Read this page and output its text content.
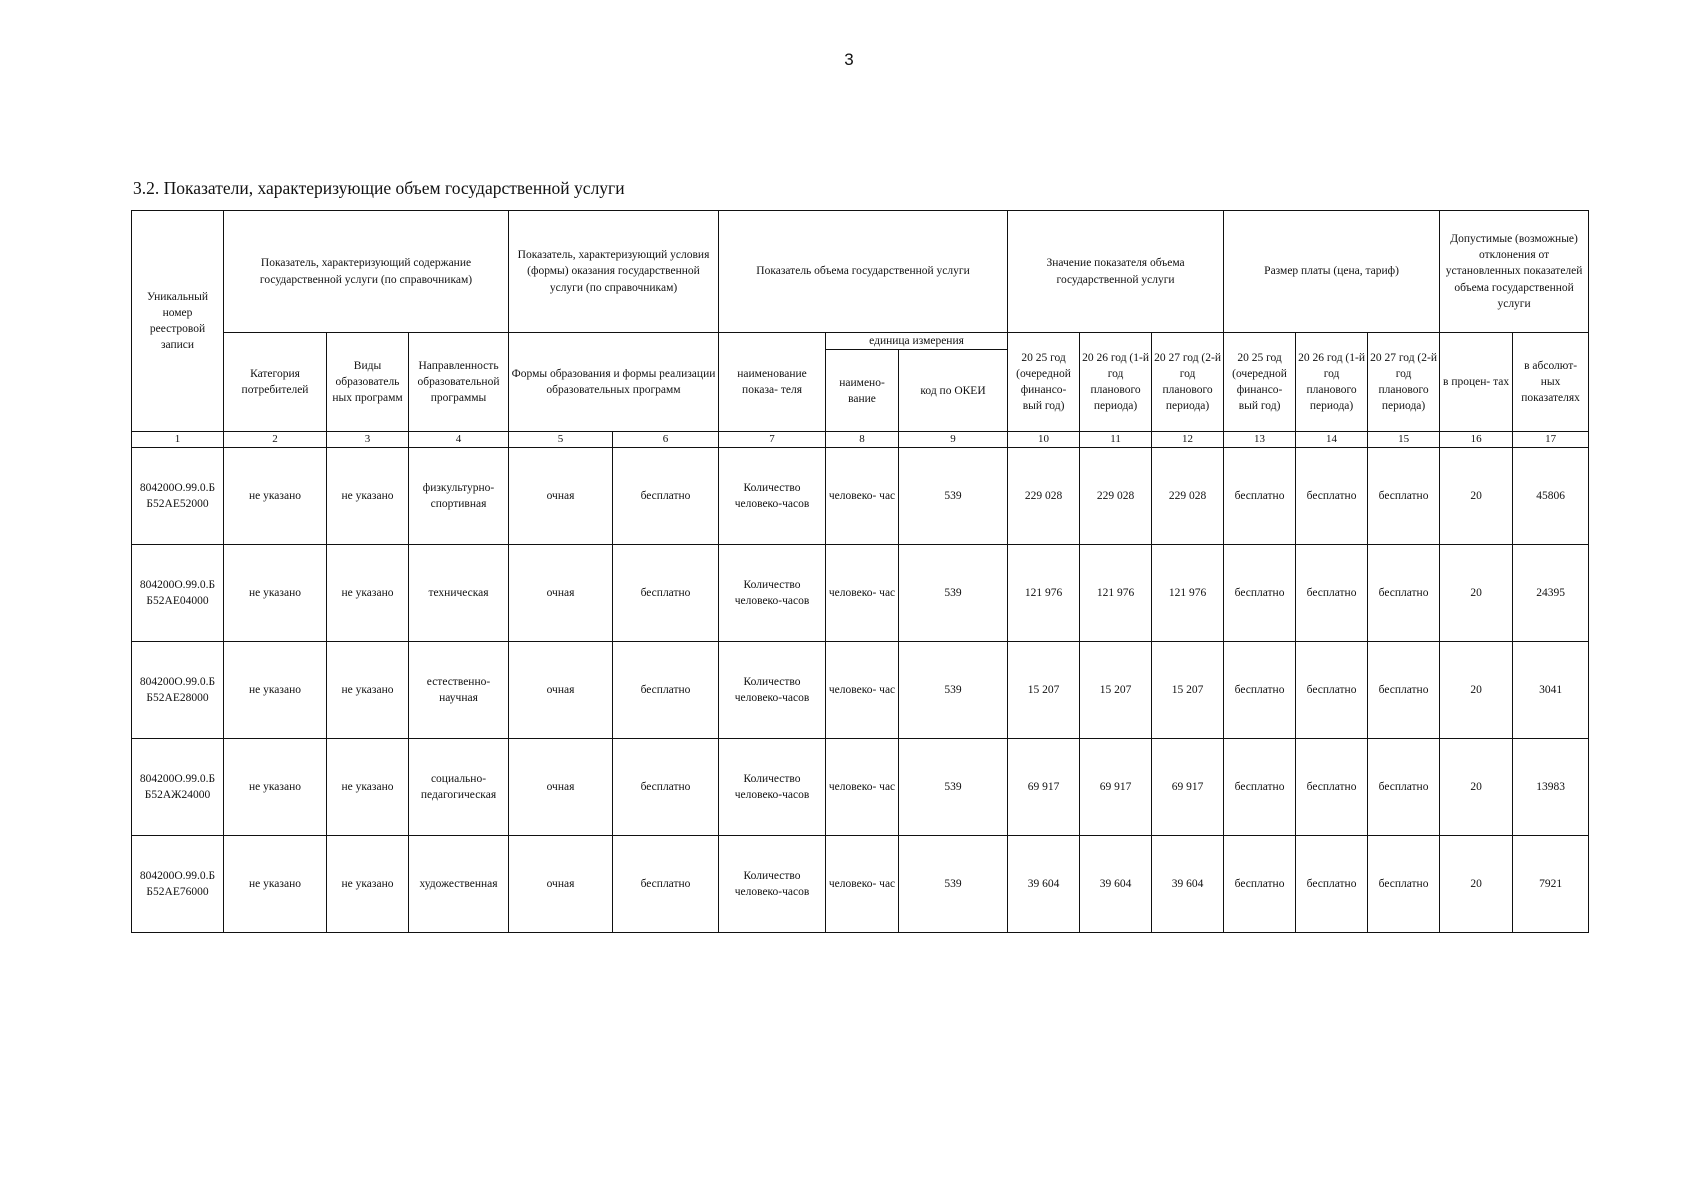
3
3.2. Показатели, характеризующие объем государственной услуги
Уникальный номер реестровой записи	Показатель, характеризующий содержание государственной услуги (по справочникам)			Показатель, характеризующий условия (формы) оказания государственной услуги (по справочникам)		Показатель объема государственной услуги			Значение показателя объема государственной услуги			Размер платы (цена, тариф)			Допустимые (возможные) отклонения от установленных показателей объема государственной услуги	
	Категория потребителей	Виды образователь ных программ	Направленность образовательной программы	Формы образования и формы реализации образовательных программ		наименование показа- теля	единица измерения		20 25 год (очередной финансо- вый год)	20 26 год (1-й год планового периода)	20 27 год (2-й год планового периода)	20 25 год (очередной финансо- вый год)	20 26 год (1-й год планового периода)	20 27 год (2-й год планового периода)	в процен- тах	в абсолют- ных показателях
							наимено- вание	код по ОКЕИ								
1	2	3	4	5	6	7	8	9	10	11	12	13	14	15	16	17
804200О.99.0.Б Б52АЕ52000	не указано	не указано	физкультурно- спортивная	очная	бесплатно	Количество человеко-часов	человеко- час	539	229 028	229 028	229 028	бесплатно	бесплатно	бесплатно	20	45806
804200О.99.0.Б Б52АЕ04000	не указано	не указано	техническая	очная	бесплатно	Количество человеко-часов	человеко- час	539	121 976	121 976	121 976	бесплатно	бесплатно	бесплатно	20	24395
804200О.99.0.Б Б52АЕ28000	не указано	не указано	естественно- научная	очная	бесплатно	Количество человеко-часов	человеко- час	539	15 207	15 207	15 207	бесплатно	бесплатно	бесплатно	20	3041
804200О.99.0.Б Б52АЖ24000	не указано	не указано	социально- педагогическая	очная	бесплатно	Количество человеко-часов	человеко- час	539	69 917	69 917	69 917	бесплатно	бесплатно	бесплатно	20	13983
804200О.99.0.Б Б52АЕ76000	не указано	не указано	художественная	очная	бесплатно	Количество человеко-часов	человеко- час	539	39 604	39 604	39 604	бесплатно	бесплатно	бесплатно	20	7921
